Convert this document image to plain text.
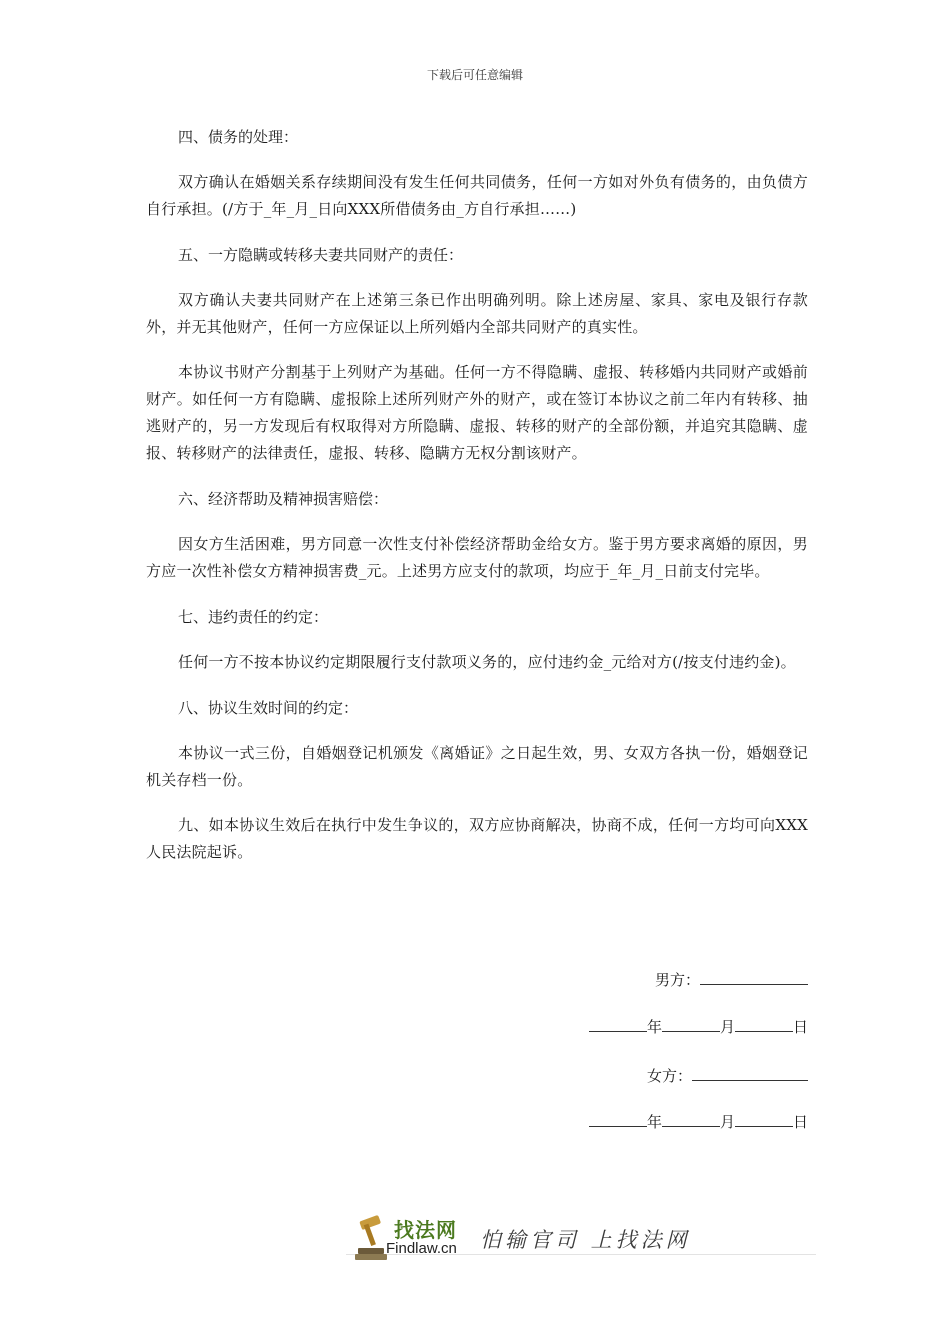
下载后可任意编辑

四、债务的处理：

双方确认在婚姻关系存续期间没有发生任何共同债务，任何一方如对外负有债务的，由负债方自行承担。(/方于_年_月_日向XXX所借债务由_方自行承担……)

五、一方隐瞒或转移夫妻共同财产的责任：

双方确认夫妻共同财产在上述第三条已作出明确列明。除上述房屋、家具、家电及银行存款外，并无其他财产，任何一方应保证以上所列婚内全部共同财产的真实性。

本协议书财产分割基于上列财产为基础。任何一方不得隐瞒、虚报、转移婚内共同财产或婚前财产。如任何一方有隐瞒、虚报除上述所列财产外的财产，或在签订本协议之前二年内有转移、抽逃财产的，另一方发现后有权取得对方所隐瞒、虚报、转移的财产的全部份额，并追究其隐瞒、虚报、转移财产的法律责任，虚报、转移、隐瞒方无权分割该财产。

六、经济帮助及精神损害赔偿：

因女方生活困难，男方同意一次性支付补偿经济帮助金给女方。鉴于男方要求离婚的原因，男方应一次性补偿女方精神损害费_元。上述男方应支付的款项，均应于_年_月_日前支付完毕。

七、违约责任的约定：

任何一方不按本协议约定期限履行支付款项义务的，应付违约金_元给对方(/按支付违约金)。

八、协议生效时间的约定：

本协议一式三份，自婚姻登记机颁发《离婚证》之日起生效，男、女双方各执一份，婚姻登记机关存档一份。

九、如本协议生效后在执行中发生争议的，双方应协商解决，协商不成，任何一方均可向XXX人民法院起诉。

男方：
年	月	日
女方：
年	月	日
找法网
Findlaw.cn 怕输官司 上找法网
